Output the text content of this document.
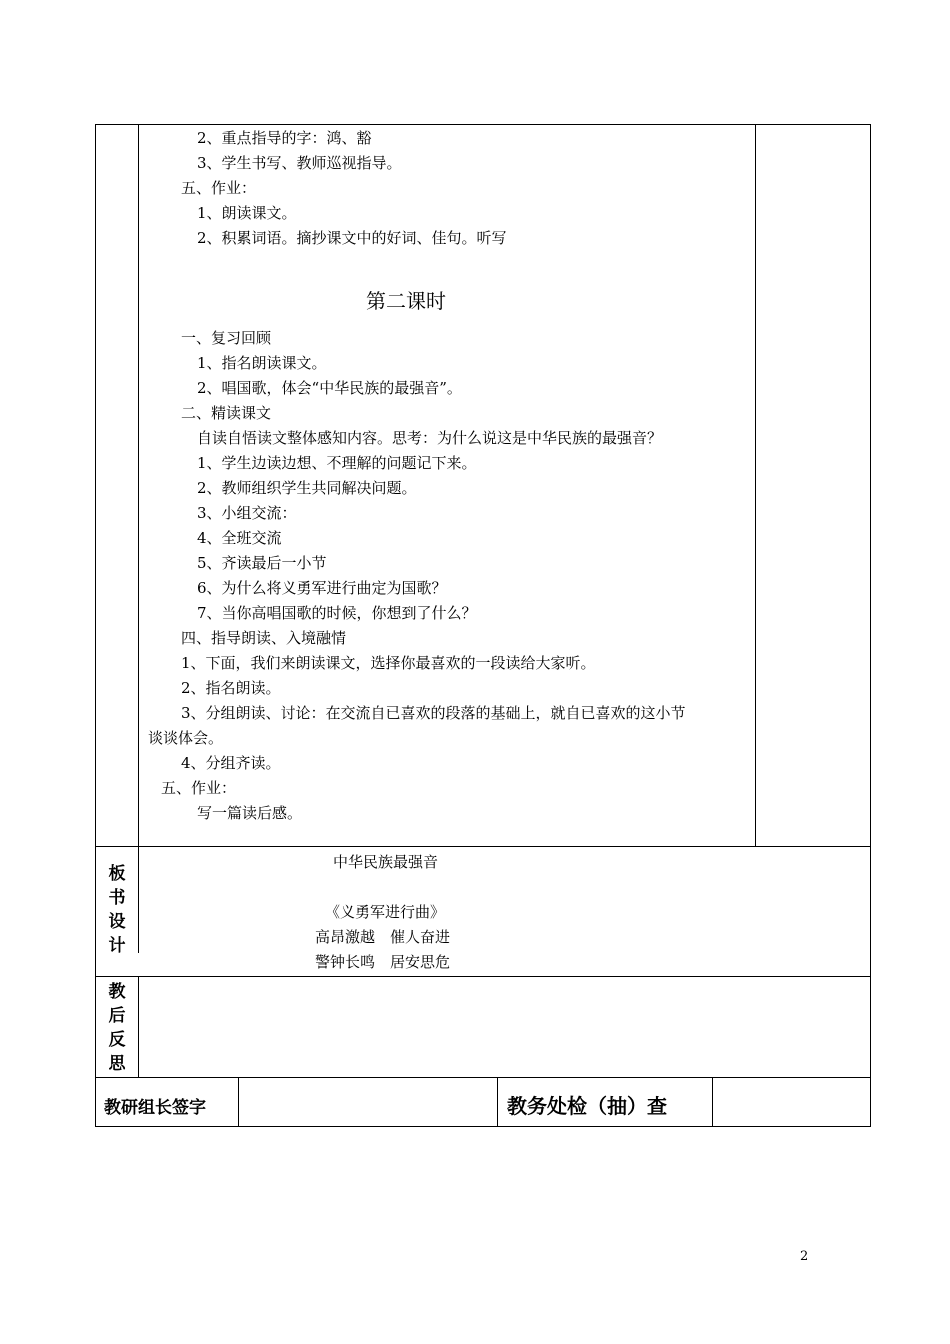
2、重点指导的字：鸿、豁
3、学生书写、教师巡视指导。
五、作业：
1、朗读课文。
2、积累词语。摘抄课文中的好词、佳句。听写
第二课时
一、复习回顾
1、指名朗读课文。
2、唱国歌，体会“中华民族的最强音”。
二、精读课文
自读自悟读文整体感知内容。思考：为什么说这是中华民族的最强音？
1、学生边读边想、不理解的问题记下来。
2、教师组织学生共同解决问题。
3、小组交流：
4、全班交流
5、齐读最后一小节
6、为什么将义勇军进行曲定为国歌？
7、当你高唱国歌的时候，你想到了什么？
四、指导朗读、入境融情
1、下面，我们来朗读课文，选择你最喜欢的一段读给大家听。
2、指名朗读。
3、分组朗读、讨论：在交流自已喜欢的段落的基础上，就自已喜欢的这小节
谈谈体会。
4、分组齐读。
五、作业：
写一篇读后感。
板
书
设
计
中华民族最强音
《义勇军进行曲》
高昂激越　催人奋进
警钟长鸣　居安思危
教
后
反
思
教研组长签字	教务处检（抽）查
2
